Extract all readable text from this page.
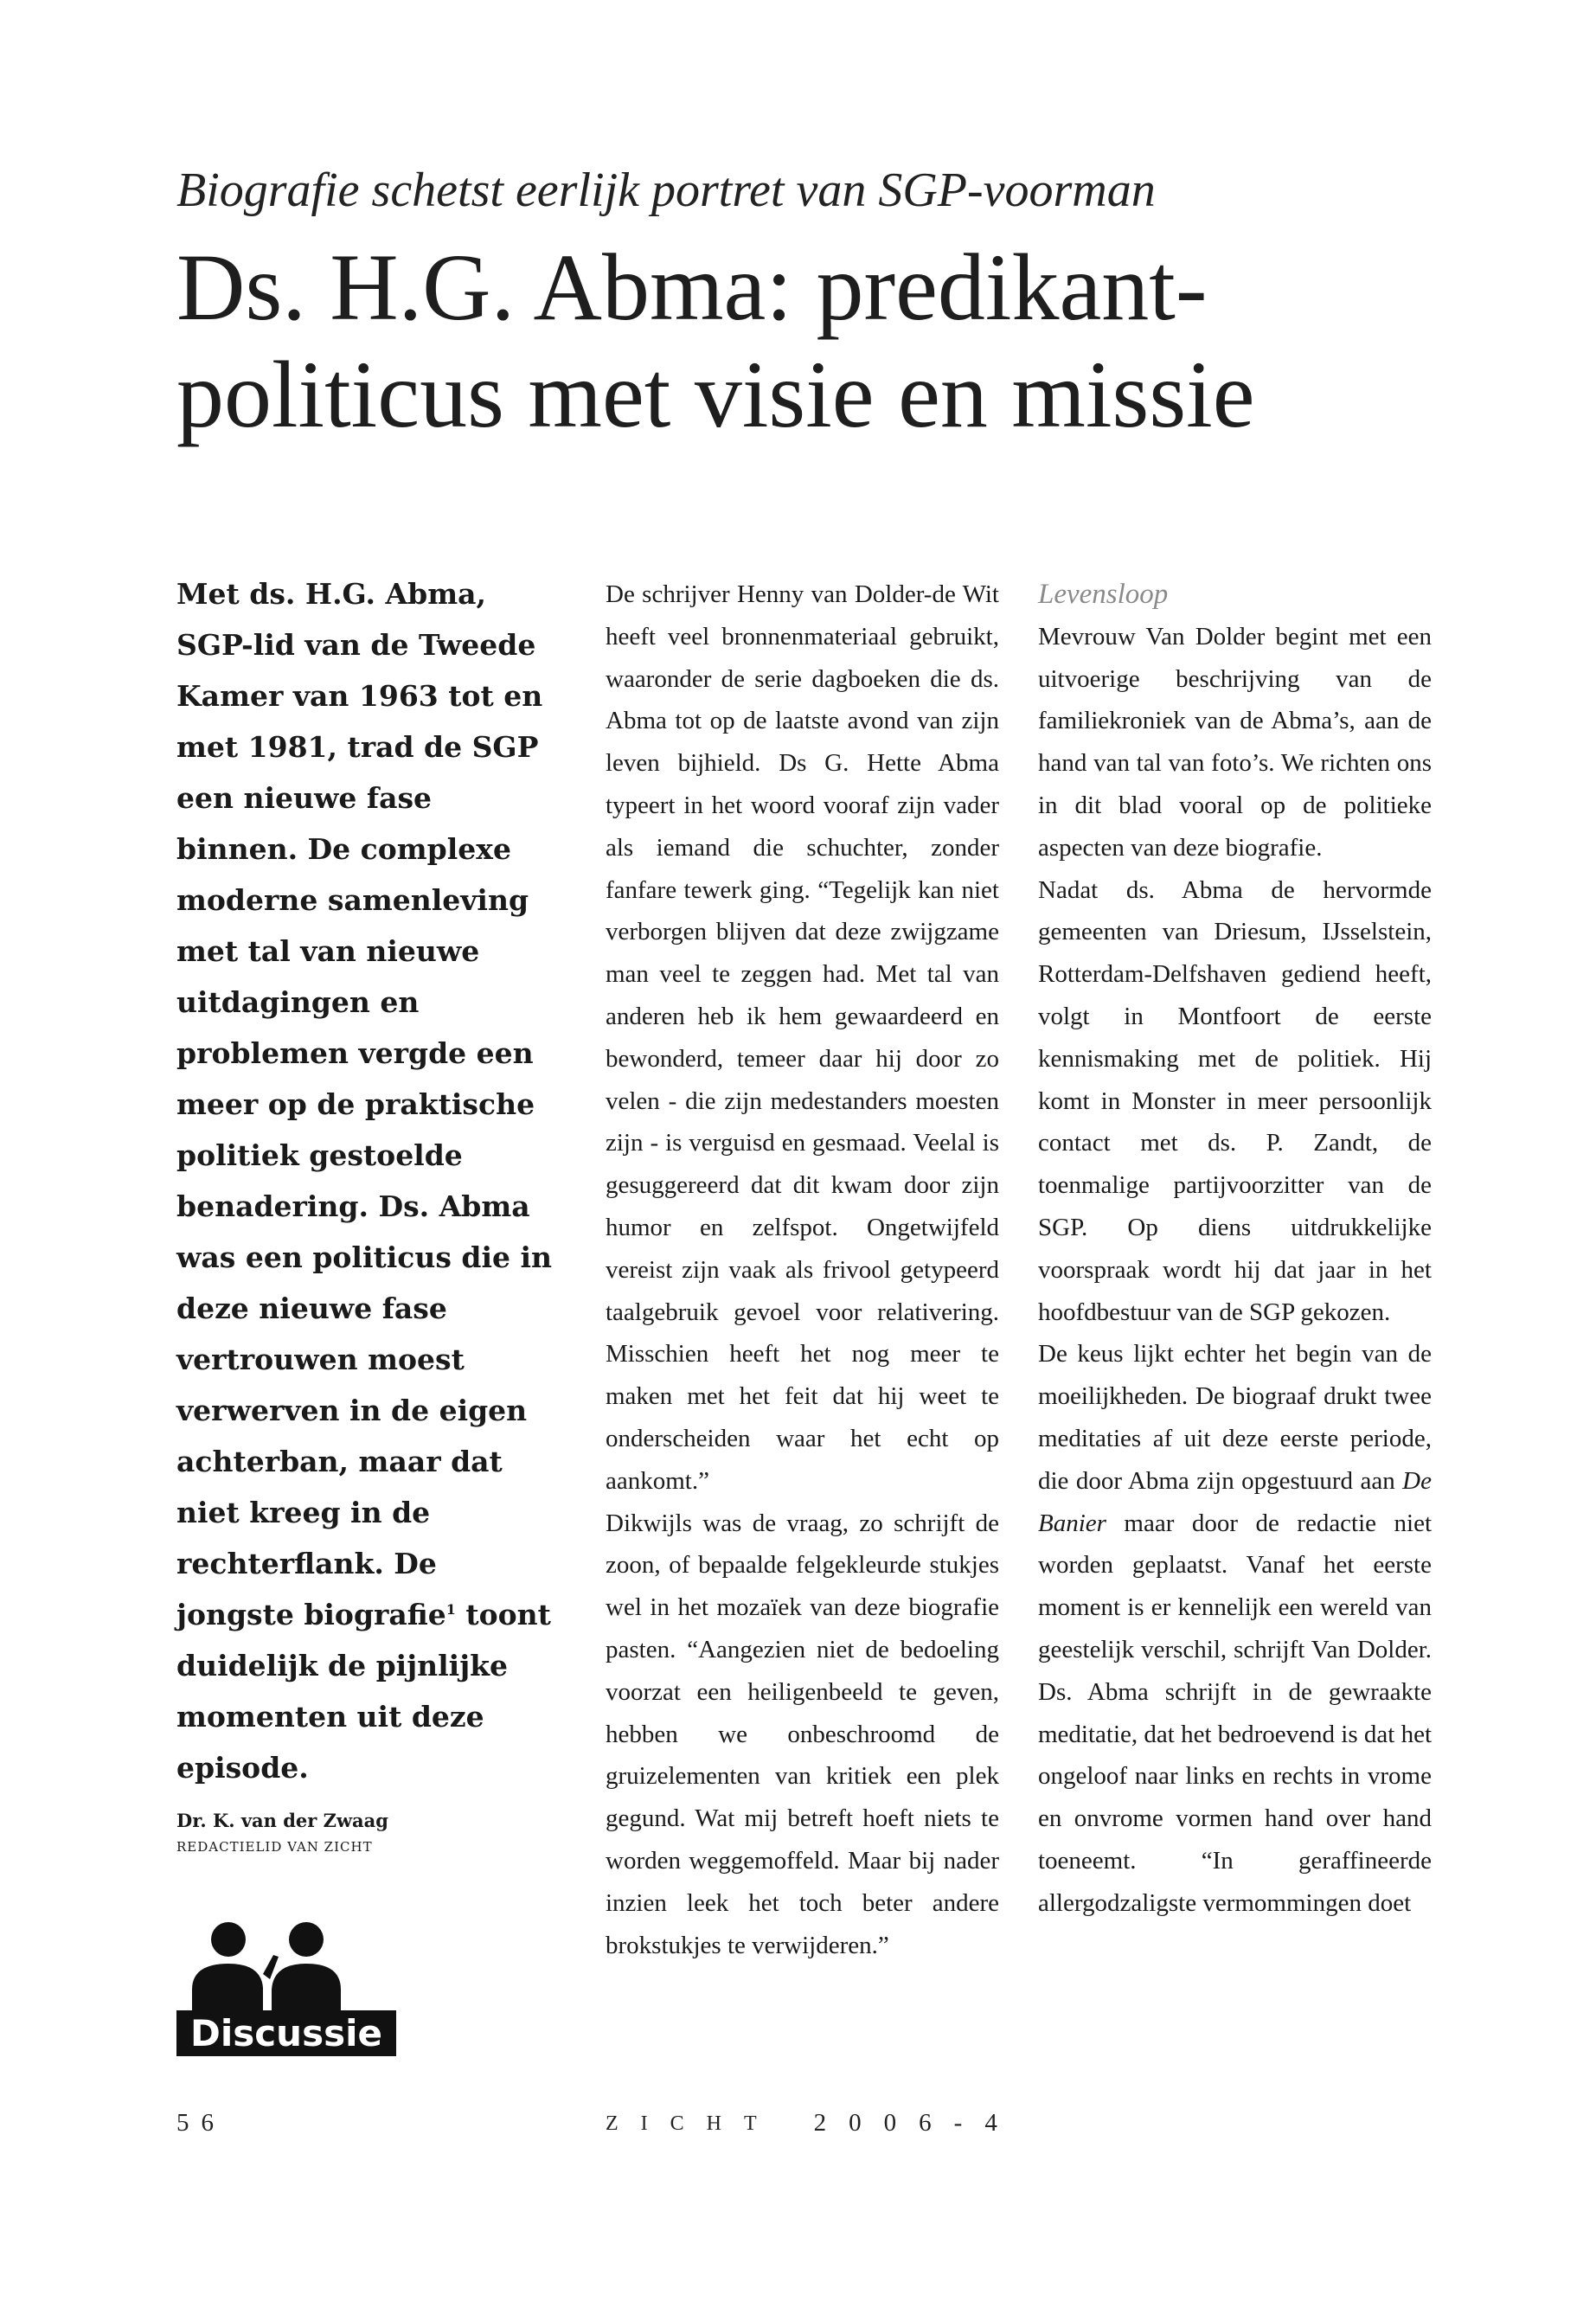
Biografie schetst eerlijk portret van SGP-voorman
Ds. H.G. Abma: predikant-
politicus met visie en missie
Met ds. H.G. Abma, SGP-lid van de Tweede Kamer van 1963 tot en met 1981, trad de SGP een nieuwe fase binnen. De complexe moderne samenleving met tal van nieuwe uitdagingen en problemen vergde een meer op de praktische politiek gestoelde benadering. Ds. Abma was een politicus die in deze nieuwe fase vertrouwen moest verwerven in de eigen achterban, maar dat niet kreeg in de rechterflank. De jongste biografie$^1$ toont duidelijk de pijnlijke momenten uit deze episode.
Dr. K. van der Zwaag
REDACTIELID VAN ZICHT
Discussie

De schrijver Henny van Dolder-de Wit heeft veel bronnenmateriaal gebruikt, waaronder de serie dagboeken die ds. Abma tot op de laatste avond van zijn leven bijhield. Ds G. Hette Abma typeert in het woord vooraf zijn vader als iemand die schuchter, zonder fanfare tewerk ging. “Tegelijk kan niet verborgen blijven dat deze zwijgzame man veel te zeggen had. Met tal van anderen heb ik hem gewaardeerd en bewonderd, temeer daar hij door zo velen - die zijn medestanders moesten zijn - is verguisd en gesmaad. Veelal is gesuggereerd dat dit kwam door zijn humor en zelfspot. Ongetwijfeld vereist zijn vaak als frivool getypeerd taalgebruik gevoel voor relativering. Misschien heeft het nog meer te maken met het feit dat hij weet te onderscheiden waar het echt op aankomt.”

Dikwijls was de vraag, zo schrijft de zoon, of bepaalde felgekleurde stukjes wel in het mozaïek van deze biografie pasten. “Aangezien niet de bedoeling voorzat een heiligenbeeld te geven, hebben we onbeschroomd de gruizelementen van kritiek een plek gegund. Wat mij betreft hoeft niets te worden weggemoffeld. Maar bij nader inzien leek het toch beter andere brokstukjes te verwijderen.”

Levensloop

Mevrouw Van Dolder begint met een uitvoerige beschrijving van de familiekroniek van de Abma’s, aan de hand van tal van foto’s. We richten ons in dit blad vooral op de politieke aspecten van deze biografie.

Nadat ds. Abma de hervormde gemeenten van Driesum, IJsselstein, Rotterdam-Delfshaven gediend heeft, volgt in Montfoort de eerste kennismaking met de politiek. Hij komt in Monster in meer persoonlijk contact met ds. P. Zandt, de toenmalige partijvoorzitter van de SGP. Op diens uitdrukkelijke voorspraak wordt hij dat jaar in het hoofdbestuur van de SGP gekozen.

De keus lijkt echter het begin van de moeilijkheden. De biograaf drukt twee meditaties af uit deze eerste periode, die door Abma zijn opgestuurd aan De Banier maar door de redactie niet worden geplaatst. Vanaf het eerste moment is er kennelijk een wereld van geestelijk verschil, schrijft Van Dolder. Ds. Abma schrijft in de gewraakte meditatie, dat het bedroevend is dat het ongeloof naar links en rechts in vrome en onvrome vormen hand over hand toeneemt. “In geraffineerde allergodzaligste vermommingen doet

56	ZICHT 2006-4
